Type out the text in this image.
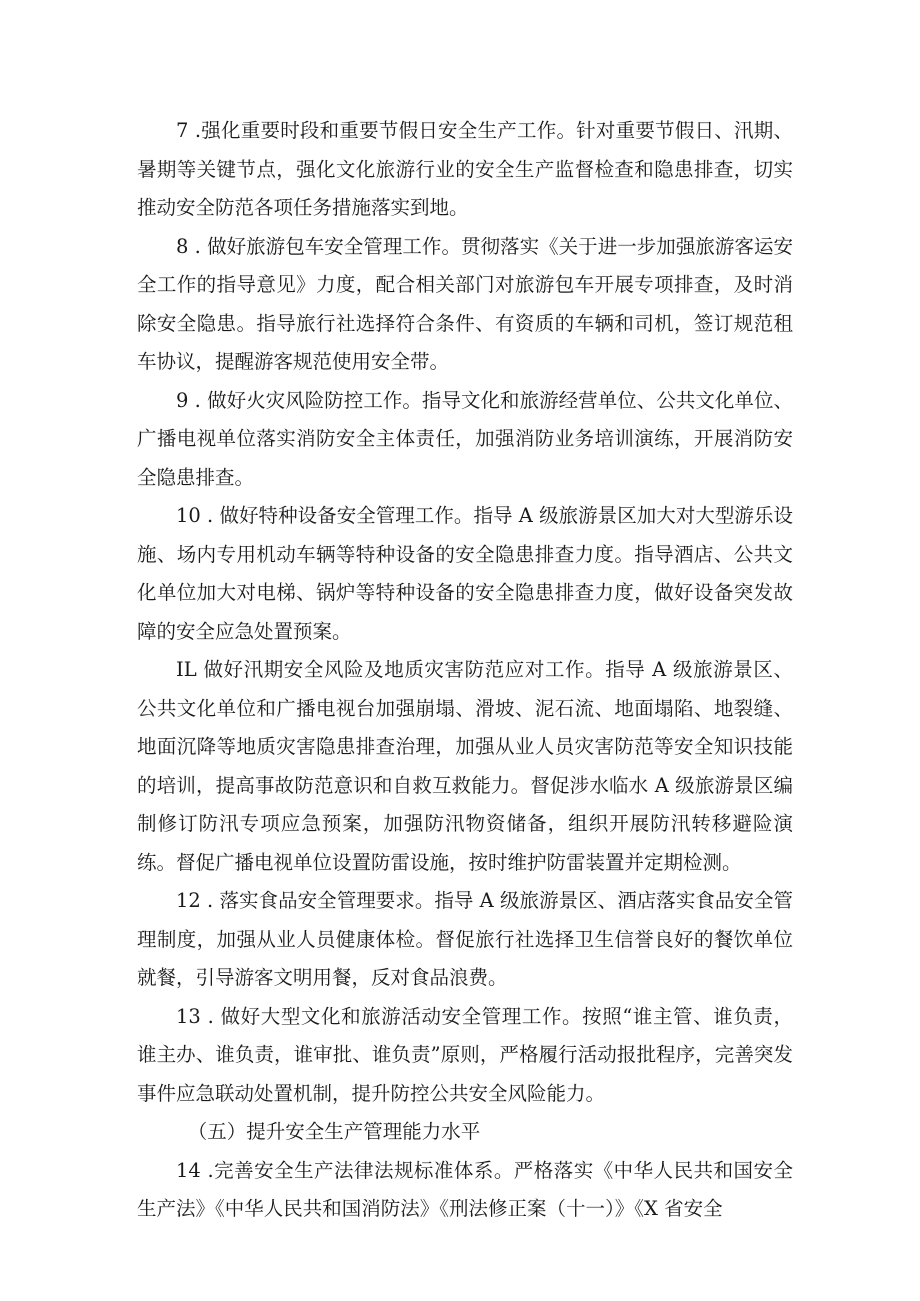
7 .强化重要时段和重要节假日安全生产工作。针对重要节假日、汛期、暑期等关键节点，强化文化旅游行业的安全生产监督检查和隐患排查，切实推动安全防范各项任务措施落实到地。

8 . 做好旅游包车安全管理工作。贯彻落实《关于进一步加强旅游客运安全工作的指导意见》力度，配合相关部门对旅游包车开展专项排查，及时消除安全隐患。指导旅行社选择符合条件、有资质的车辆和司机，签订规范租车协议，提醒游客规范使用安全带。

9 . 做好火灾风险防控工作。指导文化和旅游经营单位、公共文化单位、广播电视单位落实消防安全主体责任，加强消防业务培训演练，开展消防安全隐患排查。

10 . 做好特种设备安全管理工作。指导 A 级旅游景区加大对大型游乐设施、场内专用机动车辆等特种设备的安全隐患排查力度。指导酒店、公共文化单位加大对电梯、锅炉等特种设备的安全隐患排查力度，做好设备突发故障的安全应急处置预案。

IL 做好汛期安全风险及地质灾害防范应对工作。指导 A 级旅游景区、公共文化单位和广播电视台加强崩塌、滑坡、泥石流、地面塌陷、地裂缝、地面沉降等地质灾害隐患排查治理，加强从业人员灾害防范等安全知识技能的培训，提高事故防范意识和自救互救能力。督促涉水临水 A 级旅游景区编制修订防汛专项应急预案，加强防汛物资储备，组织开展防汛转移避险演练。督促广播电视单位设置防雷设施，按时维护防雷装置并定期检测。

12 . 落实食品安全管理要求。指导 A 级旅游景区、酒店落实食品安全管理制度，加强从业人员健康体检。督促旅行社选择卫生信誉良好的餐饮单位就餐，引导游客文明用餐，反对食品浪费。

13 . 做好大型文化和旅游活动安全管理工作。按照“谁主管、谁负责，谁主办、谁负责，谁审批、谁负责”原则，严格履行活动报批程序，完善突发事件应急联动处置机制，提升防控公共安全风险能力。

（五）提升安全生产管理能力水平

14 .完善安全生产法律法规标准体系。严格落实《中华人民共和国安全生产法》《中华人民共和国消防法》《刑法修正案（十一）》《X 省安全
